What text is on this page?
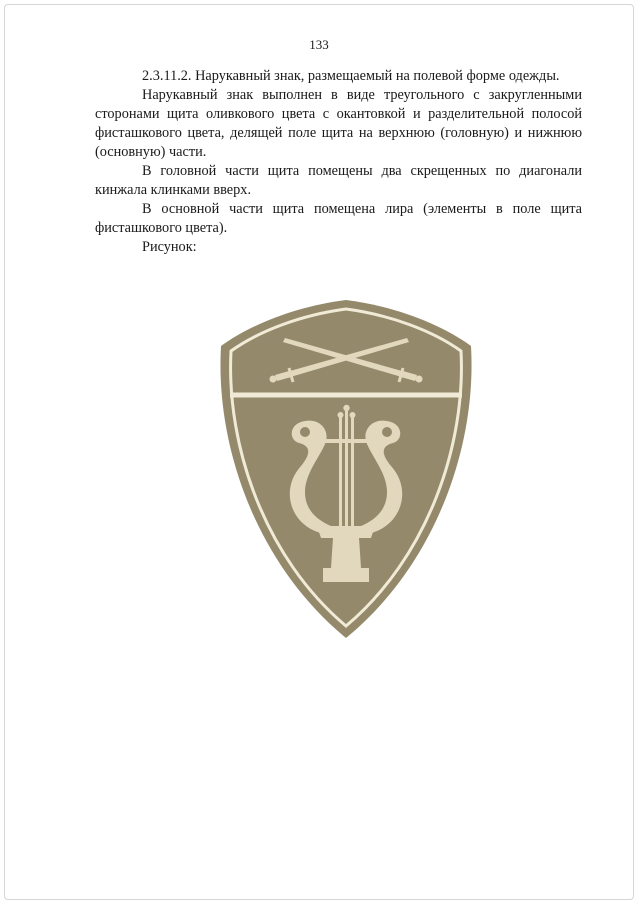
133

2.3.11.2. Нарукавный знак, размещаемый на полевой форме одежды.

Нарукавный знак выполнен в виде треугольного с закругленными сторонами щита оливкового цвета с окантовкой и разделительной полосой фисташкового цвета, делящей поле щита на верхнюю (головную) и нижнюю (основную) части.

В головной части щита помещены два скрещенных по диагонали кинжала клинками вверх.

В основной части щита помещена лира (элементы в поле щита фисташкового цвета).

Рисунок:
